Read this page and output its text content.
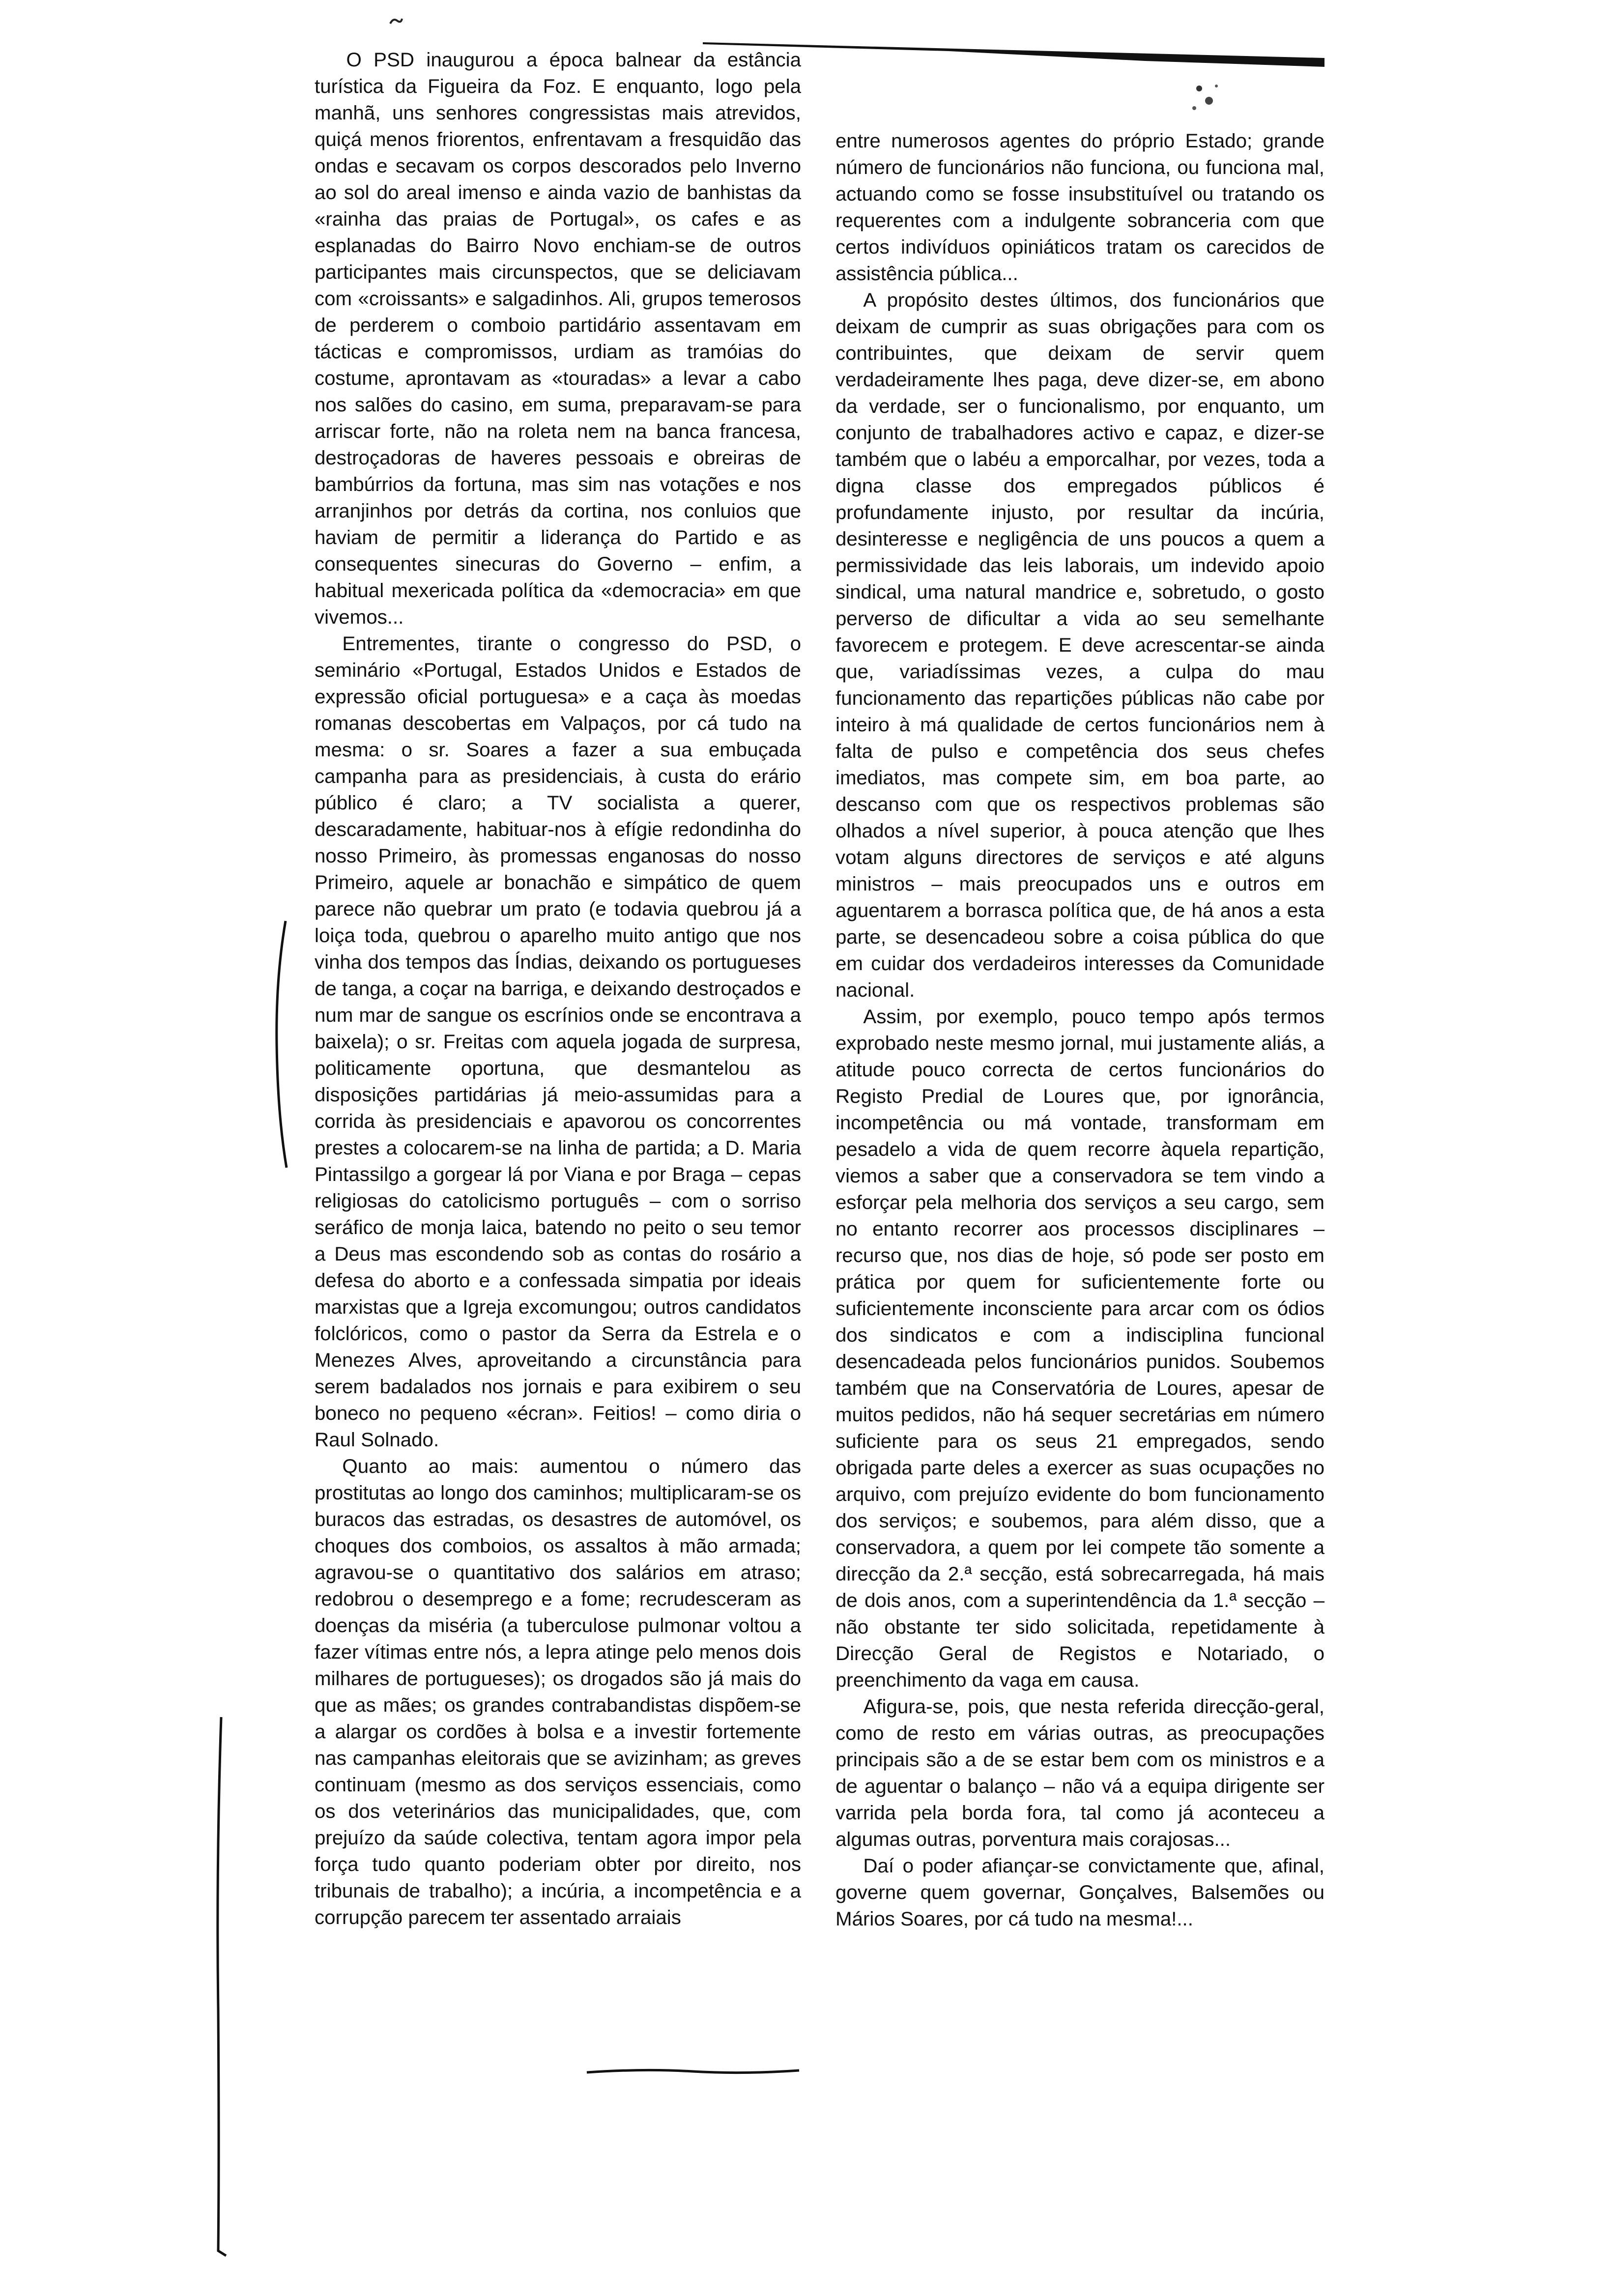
O PSD inaugurou a época balnear da estância turística da Figueira da Foz. E enquanto, logo pela manhã, uns senhores congressistas mais atrevidos, quiçá menos friorentos, enfrentavam a fresquidão das ondas e secavam os corpos descorados pelo Inverno ao sol do areal imenso e ainda vazio de banhistas da «rainha das praias de Portugal», os cafes e as esplanadas do Bairro Novo enchiam-se de outros participantes mais circunspectos, que se deliciavam com «croissants» e salgadinhos. Ali, grupos temerosos de perderem o comboio partidário assentavam em tácticas e compromissos, urdiam as tramóias do costume, aprontavam as «touradas» a levar a cabo nos salões do casino, em suma, preparavam-se para arriscar forte, não na roleta nem na banca francesa, destroçadoras de haveres pessoais e obreiras de bambúrrios da fortuna, mas sim nas votações e nos arranjinhos por detrás da cortina, nos conluios que haviam de permitir a liderança do Partido e as consequentes sinecuras do Governo – enfim, a habitual mexericada política da «democracia» em que vivemos...

Entrementes, tirante o congresso do PSD, o seminário «Portugal, Estados Unidos e Estados de expressão oficial portuguesa» e a caça às moedas romanas descobertas em Valpaços, por cá tudo na mesma: o sr. Soares a fazer a sua embuçada campanha para as presidenciais, à custa do erário público é claro; a TV socialista a querer, descaradamente, habituar-nos à efígie redondinha do nosso Primeiro, às promessas enganosas do nosso Primeiro, aquele ar bonachão e simpático de quem parece não quebrar um prato (e todavia quebrou já a loiça toda, quebrou o aparelho muito antigo que nos vinha dos tempos das Índias, deixando os portugueses de tanga, a coçar na barriga, e deixando destroçados e num mar de sangue os escrínios onde se encontrava a baixela); o sr. Freitas com aquela jogada de surpresa, politicamente oportuna, que desmantelou as disposições partidárias já meio-assumidas para a corrida às presidenciais e apavorou os concorrentes prestes a colocarem-se na linha de partida; a D. Maria Pintassilgo a gorgear lá por Viana e por Braga – cepas religiosas do catolicismo português – com o sorriso seráfico de monja laica, batendo no peito o seu temor a Deus mas escondendo sob as contas do rosário a defesa do aborto e a confessada simpatia por ideais marxistas que a Igreja excomungou; outros candidatos folclóricos, como o pastor da Serra da Estrela e o Menezes Alves, aproveitando a circunstância para serem badalados nos jornais e para exibirem o seu boneco no pequeno «écran». Feitios! – como diria o Raul Solnado.

Quanto ao mais: aumentou o número das prostitutas ao longo dos caminhos; multiplicaram-se os buracos das estradas, os desastres de automóvel, os choques dos comboios, os assaltos à mão armada; agravou-se o quantitativo dos salários em atraso; redobrou o desemprego e a fome; recrudesceram as doenças da miséria (a tuberculose pulmonar voltou a fazer vítimas entre nós, a lepra atinge pelo menos dois milhares de portugueses); os drogados são já mais do que as mães; os grandes contrabandistas dispõem-se a alargar os cordões à bolsa e a investir fortemente nas campanhas eleitorais que se avizinham; as greves continuam (mesmo as dos serviços essenciais, como os dos veterinários das municipalidades, que, com prejuízo da saúde colectiva, tentam agora impor pela força tudo quanto poderiam obter por direito, nos tribunais de trabalho); a incúria, a incompetência e a corrupção parecem ter assentado arraiais

entre numerosos agentes do próprio Estado; grande número de funcionários não funciona, ou funciona mal, actuando como se fosse insubstituível ou tratando os requerentes com a indulgente sobranceria com que certos indivíduos opiniáticos tratam os carecidos de assistência pública...

A propósito destes últimos, dos funcionários que deixam de cumprir as suas obrigações para com os contribuintes, que deixam de servir quem verdadeiramente lhes paga, deve dizer-se, em abono da verdade, ser o funcionalismo, por enquanto, um conjunto de trabalhadores activo e capaz, e dizer-se também que o labéu a emporcalhar, por vezes, toda a digna classe dos empregados públicos é profundamente injusto, por resultar da incúria, desinteresse e negligência de uns poucos a quem a permissividade das leis laborais, um indevido apoio sindical, uma natural mandrice e, sobretudo, o gosto perverso de dificultar a vida ao seu semelhante favorecem e protegem. E deve acrescentar-se ainda que, variadíssimas vezes, a culpa do mau funcionamento das repartições públicas não cabe por inteiro à má qualidade de certos funcionários nem à falta de pulso e competência dos seus chefes imediatos, mas compete sim, em boa parte, ao descanso com que os respectivos problemas são olhados a nível superior, à pouca atenção que lhes votam alguns directores de serviços e até alguns ministros – mais preocupados uns e outros em aguentarem a borrasca política que, de há anos a esta parte, se desencadeou sobre a coisa pública do que em cuidar dos verdadeiros interesses da Comunidade nacional.

Assim, por exemplo, pouco tempo após termos exprobado neste mesmo jornal, mui justamente aliás, a atitude pouco correcta de certos funcionários do Registo Predial de Loures que, por ignorância, incompetência ou má vontade, transformam em pesadelo a vida de quem recorre àquela repartição, viemos a saber que a conservadora se tem vindo a esforçar pela melhoria dos serviços a seu cargo, sem no entanto recorrer aos processos disciplinares – recurso que, nos dias de hoje, só pode ser posto em prática por quem for suficientemente forte ou suficientemente inconsciente para arcar com os ódios dos sindicatos e com a indisciplina funcional desencadeada pelos funcionários punidos. Soubemos também que na Conservatória de Loures, apesar de muitos pedidos, não há sequer secretárias em número suficiente para os seus 21 empregados, sendo obrigada parte deles a exercer as suas ocupações no arquivo, com prejuízo evidente do bom funcionamento dos serviços; e soubemos, para além disso, que a conservadora, a quem por lei compete tão somente a direcção da 2.ª secção, está sobrecarregada, há mais de dois anos, com a superintendência da 1.ª secção – não obstante ter sido solicitada, repetidamente à Direcção Geral de Registos e Notariado, o preenchimento da vaga em causa.

Afigura-se, pois, que nesta referida direcção-geral, como de resto em várias outras, as preocupações principais são a de se estar bem com os ministros e a de aguentar o balanço – não vá a equipa dirigente ser varrida pela borda fora, tal como já aconteceu a algumas outras, porventura mais corajosas...

Daí o poder afiançar-se convictamente que, afinal, governe quem governar, Gonçalves, Balsemões ou Mários Soares, por cá tudo na mesma!...
